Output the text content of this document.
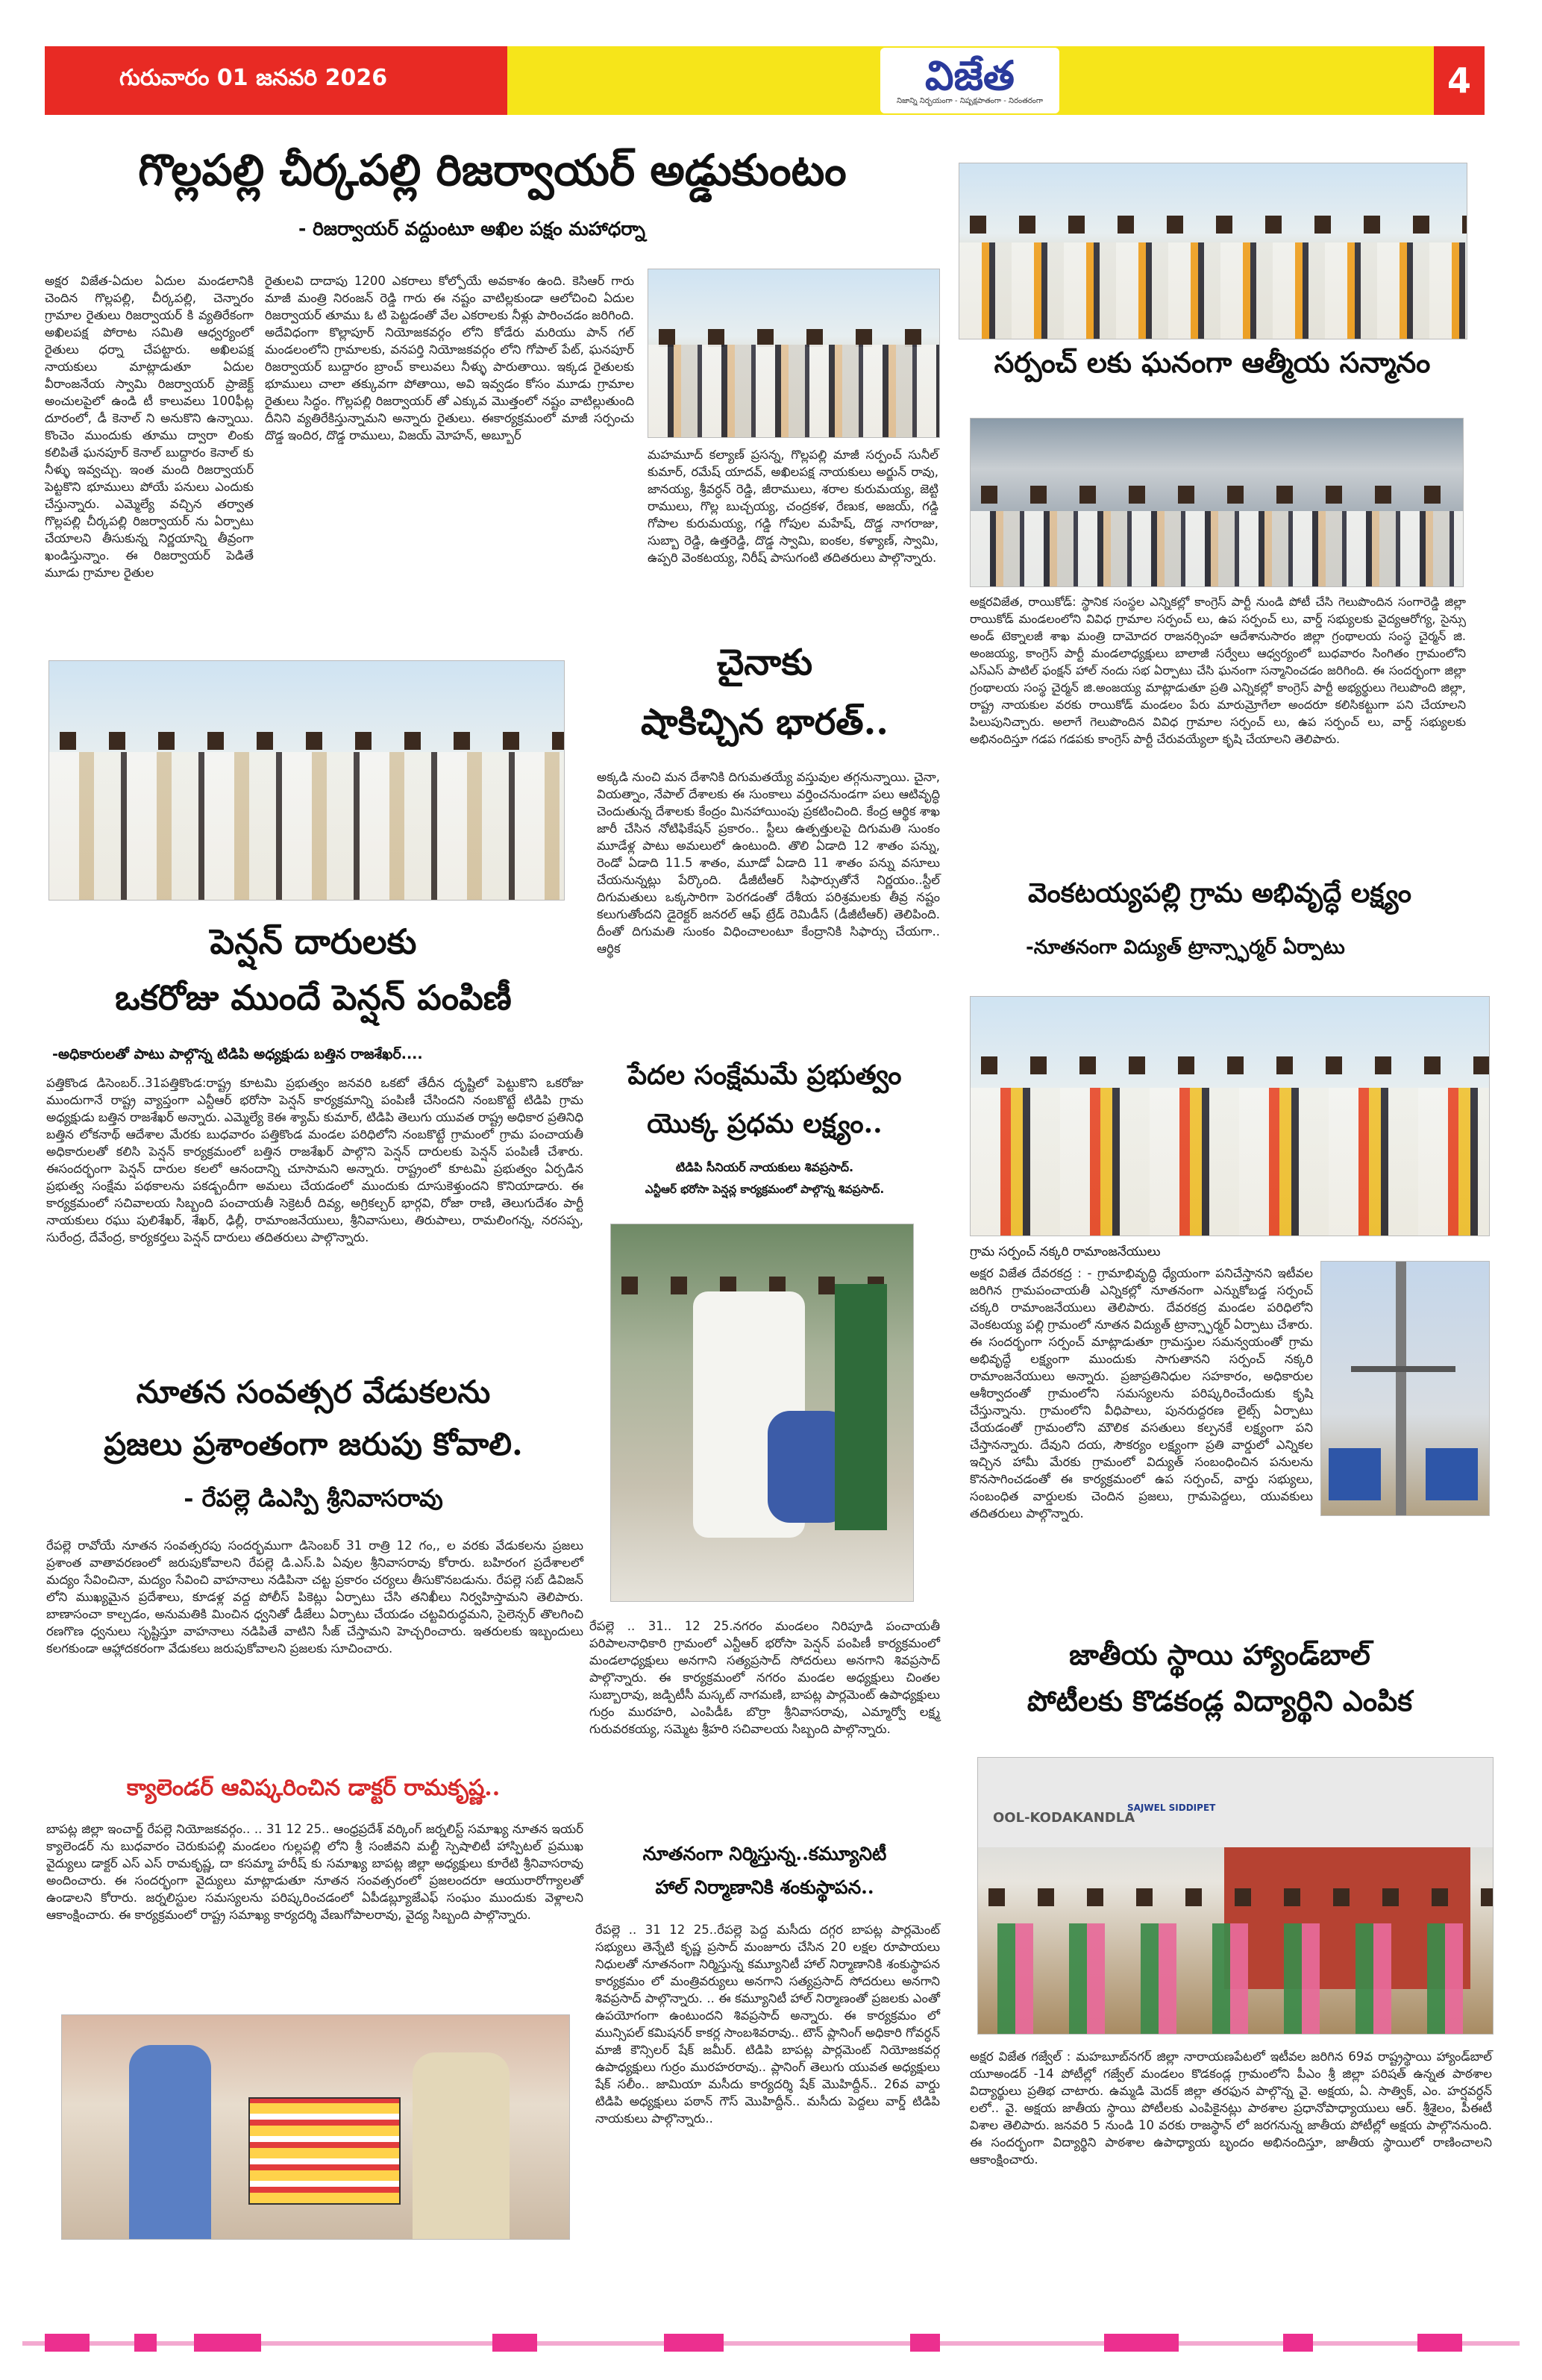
గురువారం 01 జనవరి 2026	విజేత
నిజాన్ని నిర్భయంగా - నిష్పక్షపాతంగా - నిరంతరంగా
4
గొల్లపల్లి చీర్కపల్లి రిజర్వాయర్ అడ్డుకుంటం
- రిజర్వాయర్ వద్దుంటూ అఖిల పక్షం మహాధర్నా
అక్షర విజేత-ఏదుల ఏదుల మండలానికి చెందిన గొల్లపల్లి, చీర్కపల్లి, చెన్నారం గ్రామాల రైతులు రిజర్వాయర్ కి వ్యతిరేకంగా అఖిలపక్ష పోరాట సమితి ఆధ్వర్యంలో రైతులు ధర్నా చేపట్టారు. అఖిలపక్ష నాయకులు మాట్లాడుతూ ఏదుల వీరాంజనేయ స్వామి రిజర్వాయర్ ప్రాజెక్ట్ అంచులపైలో ఉండి టీ కాలువలు 100ఫీట్ల దూరంలో, డీ కెనాల్ ని అనుకొని ఉన్నాయి. కొంచెం ముందుకు తూము ద్వారా లింకు కలిపితే ఘనపూర్ కెనాల్ బుద్దారం కెనాల్ కు నీళ్ళు ఇవ్వచ్చు. ఇంత మంది రిజర్వాయర్ పెట్టకొని భూములు పోయే పనులు ఎందుకు చేస్తున్నారు. ఎమ్మెల్యే వచ్చిన తర్వాత గొల్లపల్లి చీర్కపల్లి రిజర్వాయర్ ను ఏర్పాటు చేయాలని తీసుకున్న నిర్ణయాన్ని తీవ్రంగా ఖండిస్తున్నాం. ఈ రిజర్వాయర్ పెడితే మూడు గ్రామాల రైతుల
రైతులవి దాదాపు 1200 ఎకరాలు కోల్పోయే అవకాశం ఉంది. కెసిఆర్ గారు మాజీ మంత్రి నిరంజన్ రెడ్డి గారు ఈ నష్టం వాటిల్లకుండా ఆలోచించి ఏదుల రిజర్వాయర్ తూము ఓ టి పెట్టడంతో వేల ఎకరాలకు నీళ్లు పారించడం జరిగింది. అదేవిధంగా కొల్లాపూర్ నియోజకవర్గం లోని కోడేరు మరియు పాన్ గల్ మండలంలోని గ్రామాలకు, వనపర్తి నియోజకవర్గం లోని గోపాల్ పేట్, ఘనపూర్ రిజర్వాయర్ బుద్దారం బ్రాంచ్ కాలువలు నీళ్ళు పారుతాయి. ఇక్కడ రైతులకు భూములు చాలా తక్కువగా పోతాయి, అవి ఇవ్వడం కోసం మూడు గ్రామాల రైతులు సిద్ధం. గొల్లపల్లి రిజర్వాయర్ తో ఎక్కువ మొత్తంలో నష్టం వాటిల్లుతుంది దీనిని వ్యతిరేకిస్తున్నామని అన్నారు రైతులు. ఈకార్యక్రమంలో మాజీ సర్పంచు దొడ్డ ఇందిర, దొడ్డ రాములు, విజయ్ మోహన్, అబ్బూర్
మహమూద్ కల్యాణ్ ప్రసన్న, గొల్లపల్లి మాజీ సర్పంచ్ సునీల్ కుమార్, రమేష్ యాదవ్, అఖిలపక్ష నాయకులు అర్జున్ రావు, జానయ్య, శ్రీవర్ధన్ రెడ్డి, జీరాములు, శరాల కురుమయ్య, జెట్టి రాములు, గొల్ల బుచ్చయ్య, చంద్రకళ, రేణుక, అజయ్, గడ్డి గోపాల కురుమయ్య, గడ్డి గోపుల మహేష్, దొడ్డ నాగరాజు, సుబ్బా రెడ్డి, ఉత్తరెడ్డి, దొడ్డ స్వామి, ఐంకల, కళ్యాణ్, స్వామి, ఉప్పరి వెంకటయ్య, నిరీష్ పాసుగంటి తదితరులు పాల్గొన్నారు.
సర్పంచ్ లకు ఘనంగా ఆత్మీయ సన్మానం
అక్షరవిజేత, రాయికోడ్: స్థానిక సంస్థల ఎన్నికల్లో కాంగ్రెస్ పార్టీ నుండి పోటీ చేసి గెలుపొందిన సంగారెడ్డి జిల్లా రాయికోడ్ మండలంలోని వివిధ గ్రామాల సర్పంచ్ లు, ఉప సర్పంచ్ లు, వార్డ్ సభ్యులకు వైద్యఆరోగ్య, సైన్సు అండ్ టెక్నాలజీ శాఖ మంత్రి దామోదర రాజనర్సింహ ఆదేశానుసారం జిల్లా గ్రంథాలయ సంస్థ చైర్మన్ జి. అంజయ్య, కాంగ్రెస్ పార్టీ మండలాధ్యక్షులు బాలాజీ సర్వేలు ఆధ్వర్యంలో బుధవారం సింగితం గ్రామంలోని ఎస్ఎస్ పాటిల్ ఫంక్షన్ హాల్ నందు సభ ఏర్పాటు చేసి ఘనంగా సన్మానించడం జరిగింది. ఈ సందర్భంగా జిల్లా గ్రంథాలయ సంస్థ చైర్మన్ జి.అంజయ్య మాట్లాడుతూ ప్రతి ఎన్నికల్లో కాంగ్రెస్ పార్టీ అభ్యర్థులు గెలుపొంది జిల్లా, రాష్ట్ర నాయకుల వరకు రాయికోడ్ మండలం పేరు మారుమ్రోగేలా అందరూ కలిసికట్టుగా పని చేయాలని పిలుపునిచ్చారు. అలాగే గెలుపొందిన వివిధ గ్రామాల సర్పంచ్ లు, ఉప సర్పంచ్ లు, వార్డ్ సభ్యులకు అభినందిస్తూ గడప గడపకు కాంగ్రెస్ పార్టీ చేరువయ్యేలా కృషి చేయాలని తెలిపారు.
చైనాకు
షాకిచ్చిన భారత్..
అక్కడి నుంచి మన దేశానికి దిగుమతయ్యే వస్తువుల తగ్గనున్నాయి. చైనా, వియత్నాం, నేపాల్ దేశాలకు ఈ సుంకాలు వర్తించనుండగా పలు ఆటివృద్ధి చెందుతున్న దేశాలకు కేంద్రం మినహాయింపు ప్రకటించింది. కేంద్ర ఆర్థిక శాఖ జారీ చేసిన నోటిఫికేషన్ ప్రకారం.. స్టీలు ఉత్పత్తులపై దిగుమతి సుంకం మూడేళ్ల పాటు అమలులో ఉంటుంది. తొలి ఏడాది 12 శాతం పన్ను, రెండో ఏడాది 11.5 శాతం, మూడో ఏడాది 11 శాతం పన్ను వసూలు చేయనున్నట్లు పేర్కొంది. డీజీటీఆర్ సిఫార్సుతోనే నిర్ణయం..స్టీల్ దిగుమతులు ఒక్కసారిగా పెరగడంతో దేశీయ పరిశ్రమలకు తీవ్ర నష్టం కలుగుతోందని డైరెక్టర్ జనరల్ ఆఫ్ ట్రేడ్ రెమిడీస్ (డీజీటీఆర్) తెలిపింది. దీంతో దిగుమతి సుంకం విధించాలంటూ కేంద్రానికి సిఫార్సు చేయగా.. ఆర్థిక
పెన్షన్ దారులకు
ఒకరోజు ముందే పెన్షన్ పంపిణీ
-అధికారులతో పాటు పాల్గొన్న టిడిపి అధ్యక్షుడు బత్తిన రాజశేఖర్....
పత్తికొండ డిసెంబర్..31పత్తికొండ:రాష్ట్ర కూటమి ప్రభుత్వం జనవరి ఒకటో తేదీన దృష్టిలో పెట్టుకొని ఒకరోజు ముందుగానే రాష్ట్ర వ్యాప్తంగా ఎన్టీఆర్ భరోసా పెన్షన్ కార్యక్రమాన్ని పంపిణీ చేసిందని నంబకొట్టే టిడిపి గ్రామ అధ్యక్షుడు బత్తిన రాజశేఖర్ అన్నారు. ఎమ్మెల్యే కెఈ శ్యామ్ కుమార్, టిడిపి తెలుగు యువత రాష్ట్ర అధికార ప్రతినిధి బత్తిన లోకనాథ్ ఆదేశాల మేరకు బుధవారం పత్తికొండ మండల పరిధిలోని నంబకొట్టే గ్రామంలో గ్రామ పంచాయతీ అధికారులతో కలిసి పెన్షన్ కార్యక్రమంలో బత్తిన రాజశేఖర్ పాల్గొని పెన్షన్ దారులకు పెన్షన్ పంపిణీ చేశారు. ఈసందర్భంగా పెన్షన్ దారుల కలలో ఆనందాన్ని చూసామని అన్నారు. రాష్ట్రంలో కూటమి ప్రభుత్వం ఏర్పడిన ప్రభుత్వ సంక్షేమ పథకాలను పకడ్బందీగా అమలు చేయడంలో ముందుకు దూసుకెళ్తుందని కొనియాడారు. ఈ కార్యక్రమంలో సచివాలయ సిబ్బంది పంచాయతీ సెక్రెటరీ దివ్య, అగ్రికల్చర్ భార్గవి, రోజా రాణి, తెలుగుదేశం పార్టీ నాయకులు రఘు పులిశేఖర్, శేఖర్, ఢిల్లీ, రామాంజనేయులు, శ్రీనివాసులు, తిరుపాలు, రామలింగన్న, నరసప్ప, సురేంద్ర, దేవేంద్ర, కార్యకర్తలు పెన్షన్ దారులు తదితరులు పాల్గొన్నారు.
పేదల సంక్షేమమే ప్రభుత్వం
యొక్క ప్రధమ లక్ష్యం..
టిడిపి సీనియర్ నాయకులు శివప్రసాద్.
ఎన్టీఆర్ భరోసా పెన్షన్ల కార్యక్రమంలో పాల్గొన్న శివప్రసాద్.
రేపల్లె .. 31.. 12 25.నగరం మండలం నిరిపూడి పంచాయతీ పరిపాలనాధికారి గ్రామంలో ఎన్టీఆర్ భరోసా పెన్షన్ పంపిణీ కార్యక్రమంలో మండలాధ్యక్షులు అనగాని సత్యప్రసాద్ సోదరులు అనగాని శివప్రసాద్ పాల్గొన్నారు. ఈ కార్యక్రమంలో నగరం మండల అధ్యక్షులు చింతల సుబ్బారావు, జడ్పిటీసీ మస్కట్ నాగమణి, బాపట్ల పార్లమెంట్ ఉపాధ్యక్షులు గుర్రం మురహరి, ఎంపిడీఓ బొర్రా శ్రీనివాసరావు, ఎమ్మార్వో లక్ష్మ గురువరకయ్య, సమ్మెట శ్రీహరి సచివాలయ సిబ్బంది పాల్గొన్నారు.
నూతన సంవత్సర వేడుకలను
ప్రజలు ప్రశాంతంగా జరుపు కోవాలి.
- రేపల్లె డిఎస్పి శ్రీనివాసరావు
రేపల్లె రావోయే నూతన సంవత్సరపు సందర్భముగా డిసెంబర్ 31 రాత్రి 12 గం,, ల వరకు వేడుకలను ప్రజలు ప్రశాంత వాతావరణంలో జరుపుకోవాలని రేపల్లె డి.ఎస్.పి ఏవుల శ్రీనివాసరావు కోరారు. బహిరంగ ప్రదేశాలలో మద్యం సేవించినా, మద్యం సేవించి వాహనాలు నడిపినా చట్ట ప్రకారం చర్యలు తీసుకొనబడును. రేపల్లె సబ్ డివిజన్ లోని ముఖ్యమైన ప్రదేశాలు, కూడళ్ల వద్ద పోలీస్ పికెట్లు ఏర్పాటు చేసి తనిఖీలు నిర్వహిస్తామని తెలిపారు. బాణాసంచా కాల్చడం, అనుమతికి మించిన ధ్వనితో డీజేలు ఏర్పాటు చేయడం చట్టవిరుద్ధమని, సైలెన్సర్ తొలగించి రణగొణ ధ్వనులు సృష్టిస్తూ వాహనాలు నడిపితే వాటిని సీజ్ చేస్తామని హెచ్చరించారు. ఇతరులకు ఇబ్బందులు కలగకుండా ఆహ్లాదకరంగా వేడుకలు జరుపుకోవాలని ప్రజలకు సూచించారు.
క్యాలెండర్ ఆవిష్కరించిన డాక్టర్ రామకృష్ణ..
బాపట్ల జిల్లా ఇంచార్జ్ రేపల్లె నియోజకవర్గం.. .. 31 12 25.. ఆంధ్రప్రదేశ్ వర్కింగ్ జర్నలిస్ట్ సమాఖ్య నూతన ఇయర్ క్యాలెండర్ ను బుధవారం చెరుకుపల్లి మండలం గుల్లపల్లి లోని శ్రీ సంజీవని మల్టీ స్పెషాలిటీ హాస్పిటల్ ప్రముఖ వైద్యులు డాక్టర్ ఎస్ ఎస్ రామకృష్ణ, దా కసమ్మా హరీష్ కు సమాఖ్య బాపట్ల జిల్లా అధ్యక్షులు కూరేటి శ్రీనివాసరావు అందించారు. ఈ సందర్భంగా వైద్యులు మాట్లాడుతూ నూతన సంవత్సరంలో ప్రజలందరూ ఆయురారోగ్యాలతో ఉండాలని కోరారు. జర్నలిస్టుల సమస్యలను పరిష్కరించడంలో ఏపీడబ్ల్యూజేఎఫ్ సంఘం ముందుకు వెళ్లాలని ఆకాంక్షించారు. ఈ కార్యక్రమంలో రాష్ట్ర సమాఖ్య కార్యదర్శి వేణుగోపాలరావు, వైద్య సిబ్బంది పాల్గొన్నారు.
నూతనంగా నిర్మిస్తున్న..కమ్యూనిటీ
హాల్ నిర్మాణానికి శంకుస్థాపన..
రేపల్లె .. 31 12 25..రేపల్లె పెద్ద మసీదు దగ్గర బాపట్ల పార్లమెంట్ సభ్యులు తెన్నేటి కృష్ణ ప్రసాద్ మంజూరు చేసిన 20 లక్షల రూపాయలు నిధులతో నూతనంగా నిర్మిస్తున్న కమ్యూనిటీ హాల్ నిర్మాణానికి శంకుస్థాపన కార్యక్రమం లో మంత్రివర్యులు అనగాని సత్యప్రసాద్ సోదరులు అనగాని శివప్రసాద్ పాల్గొన్నారు. .. ఈ కమ్యూనిటీ హాల్ నిర్మాణంతో ప్రజలకు ఎంతో ఉపయోగంగా ఉంటుందని శివప్రసాద్ అన్నారు. ఈ కార్యక్రమం లో మున్సిపల్ కమిషనర్ కాకర్ల సాంబశివరావు.. టౌన్ ప్లానింగ్ అధికారి గోవర్ధన్ మాజీ కౌన్సిలర్ షేక్ జమీర్. టిడిపి బాపట్ల పార్లమెంట్ నియోజకవర్గ ఉపాధ్యక్షులు గుర్రం మురహరరావు.. ప్లానింగ్ తెలుగు యువత అధ్యక్షులు షేక్ సలీం.. జామియా మసీదు కార్యదర్శి షేక్ మొహిద్దీన్.. 26వ వార్డు టిడిపి అధ్యక్షులు పఠాన్ గౌస్ మొహిద్దీన్.. మసీదు పెద్దలు వార్డ్ టిడిపి నాయకులు పాల్గొన్నారు..
వెంకటయ్యపల్లి గ్రామ అభివృద్ధే లక్ష్యం
-నూతనంగా విద్యుత్ ట్రాన్స్ఫార్మర్ ఏర్పాటు
గ్రామ సర్పంచ్ నక్కరి రామాంజనేయులు
అక్షర విజేత దేవరకద్ర : - గ్రామాభివృద్ధి ధ్యేయంగా పనిచేస్తానని ఇటీవల జరిగిన గ్రామపంచాయతీ ఎన్నికల్లో నూతనంగా ఎన్నుకోబడ్డ సర్పంచ్ చక్కరి రామాంజనేయులు తెలిపారు. దేవరకద్ర మండల పరిధిలోని వెంకటయ్య పల్లి గ్రామంలో నూతన విద్యుత్ ట్రాన్స్ఫార్మర్ ఏర్పాటు చేశారు. ఈ సందర్భంగా సర్పంచ్ మాట్లాడుతూ గ్రామస్తుల సమన్వయంతో గ్రామ అభివృద్ధే లక్ష్యంగా ముందుకు సాగుతానని సర్పంచ్ నక్కరి రామాంజనేయులు అన్నారు. ప్రజాప్రతినిధుల సహకారం, అధికారుల ఆశీర్వాదంతో గ్రామంలోని సమస్యలను పరిష్కరించేందుకు కృషి చేస్తున్నాను. గ్రామంలోని వీధిపాలు, పునరుద్దరణ లైట్స్ ఏర్పాటు చేయడంతో గ్రామంలోని మౌలిక వసతులు కల్పనకే లక్ష్యంగా పని చేస్తానన్నారు. దేవుని దయ, సౌకర్యం లక్ష్యంగా ప్రతి వార్డులో ఎన్నికల ఇచ్చిన హామీ మేరకు గ్రామంలో విద్యుత్ సంబంధించిన పనులను కొనసాగించడంతో ఈ కార్యక్రమంలో ఉప సర్పంచ్, వార్డు సభ్యులు, సంబంధిత వార్డులకు చెందిన ప్రజలు, గ్రామపెద్దలు, యువకులు తదితరులు పాల్గొన్నారు.
జాతీయ స్థాయి హ్యాండ్‌బాల్
పోటీలకు కొడకండ్ల విద్యార్థిని ఎంపిక
OOL-KODAKANDLA
SAJWEL SIDDIPET
అక్షర విజేత గజ్వేల్ : మహబూబ్‌నగర్ జిల్లా నారాయణపేటలో ఇటీవల జరిగిన 69వ రాష్ట్రస్థాయి హ్యాండ్‌బాల్ యూఅండర్ -14 పోటీల్లో గజ్వేల్ మండలం కొడకండ్ల గ్రామంలోని పీఎం శ్రీ జిల్లా పరిషత్ ఉన్నత పాఠశాల విద్యార్థులు ప్రతిభ చాటారు. ఉమ్మడి మెదక్ జిల్లా తరఫున పాల్గొన్న వై. అక్షయ, ఏ. సాత్విక్, ఎం. హర్షవర్ధన్ లలో.. వై. అక్షయ జాతీయ స్థాయి పోటీలకు ఎంపికైనట్లు పాఠశాల ప్రధానోపాధ్యాయులు ఆర్. శ్రీశైలం, పీఈటీ విశాల తెలిపారు. జనవరి 5 నుండి 10 వరకు రాజస్థాన్ లో జరగనున్న జాతీయ పోటీల్లో అక్షయ పాల్గొననుంది. ఈ సందర్భంగా విద్యార్థిని పాఠశాల ఉపాధ్యాయ బృందం అభినందిస్తూ, జాతీయ స్థాయిలో రాణించాలని ఆకాంక్షించారు.
